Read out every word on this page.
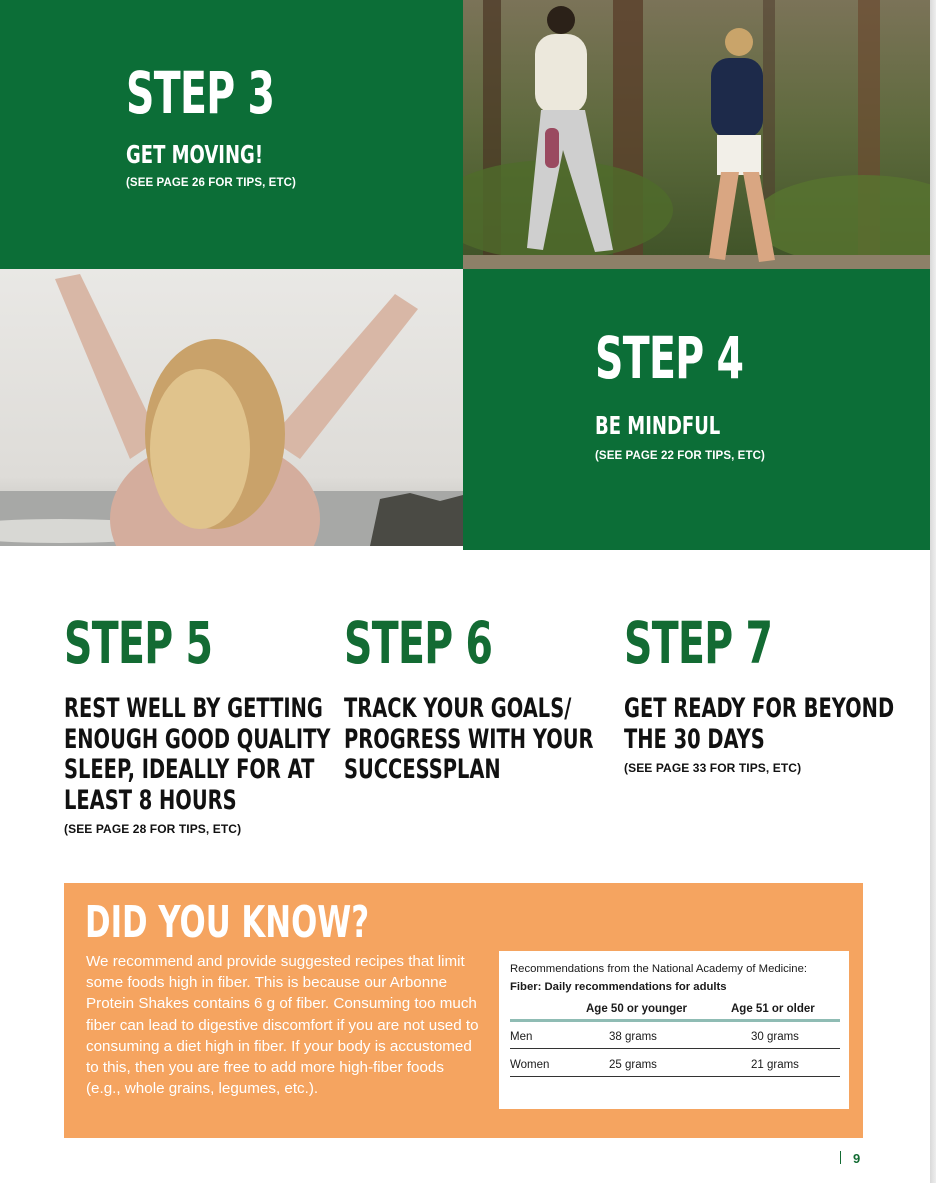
STEP 3
GET MOVING!
(SEE PAGE 26 FOR TIPS, ETC)
STEP 4
BE MINDFUL
(SEE PAGE 22 FOR TIPS, ETC)
STEP 5
REST WELL BY GETTING
ENOUGH GOOD QUALITY
SLEEP, IDEALLY FOR AT
LEAST 8 HOURS
(SEE PAGE 28 FOR TIPS, ETC)
STEP 6
TRACK YOUR GOALS/
PROGRESS WITH YOUR
SUCCESSPLAN
STEP 7
GET READY FOR BEYOND
THE 30 DAYS
(SEE PAGE 33 FOR TIPS, ETC)
DID YOU KNOW?
We recommend and provide suggested recipes that limit some foods high in fiber. This is because our Arbonne Protein Shakes contains 6 g of fiber. Consuming too much fiber can lead to digestive discomfort if you are not used to consuming a diet high in fiber. If your body is accustomed to this, then you are free to add more high-fiber foods (e.g., whole grains, legumes, etc.).
Recommendations from the National Academy of Medicine:
Fiber: Daily recommendations for adults
Age 50 or younger	Age 51 or older
Men	38 grams	30 grams
Women	25 grams	21 grams
9
